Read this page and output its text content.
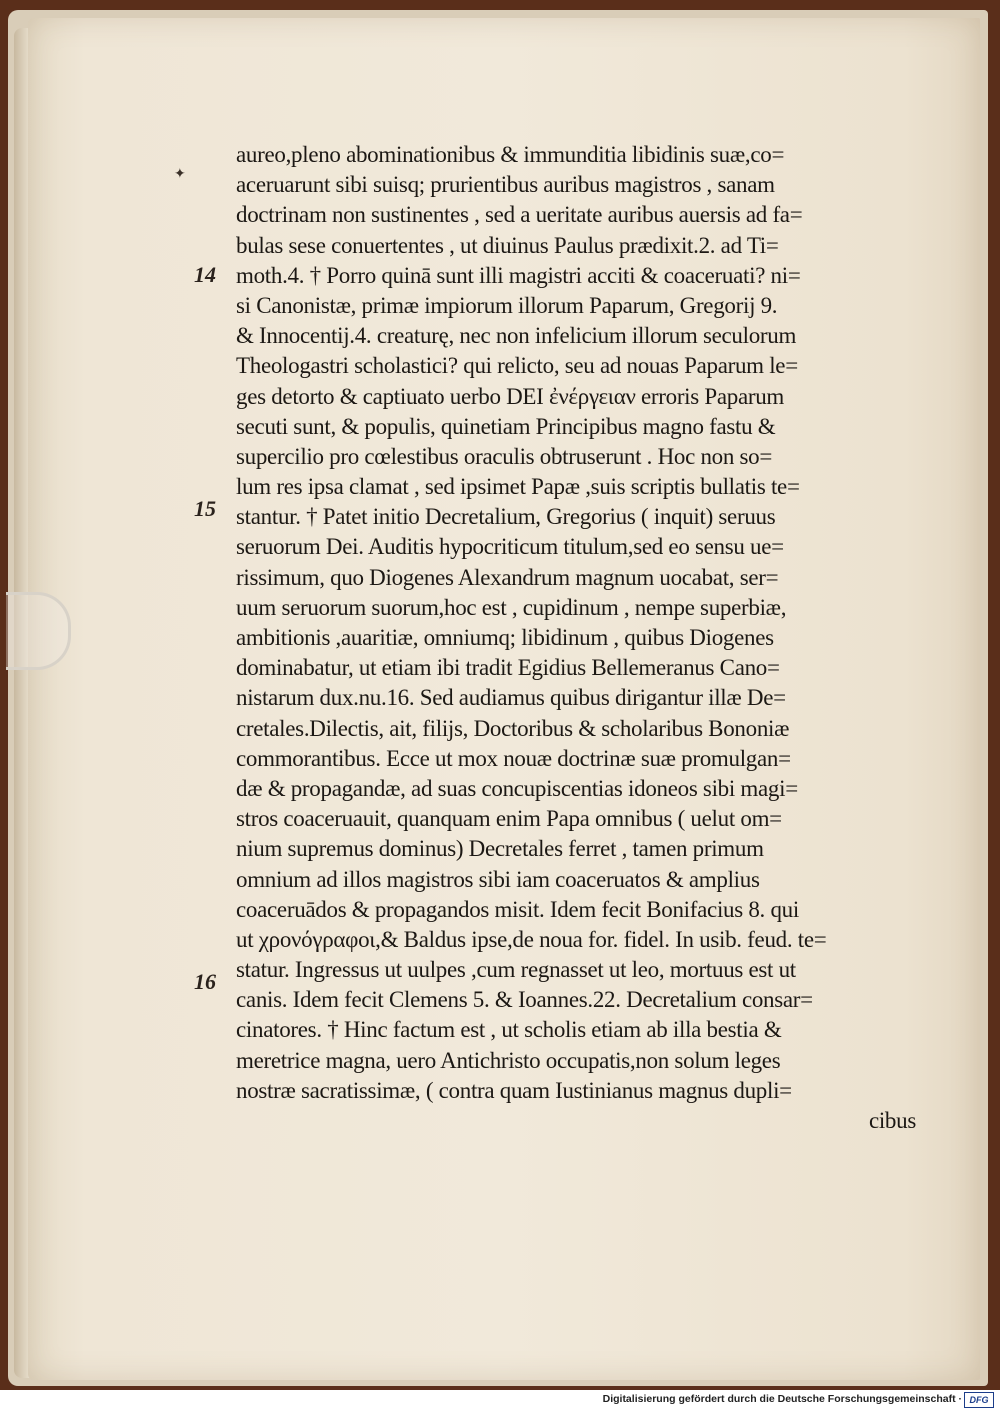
✦
14
15
16
aureo,pleno abominationibus & immunditia libidinis suæ,co=
aceruarunt sibi suisq; prurientibus auribus magistros , sanam
doctrinam non sustinentes , sed a ueritate auribus auersis ad fa=
bulas sese conuertentes , ut diuinus Paulus prædixit.2. ad Ti=
moth.4. † Porro quinā sunt illi magistri acciti & coaceruati? ni=
si Canonistæ, primæ impiorum illorum Paparum, Gregorij 9.
& Innocentij.4. creaturę, nec non infelicium illorum seculorum
Theologastri scholastici? qui relicto, seu ad nouas Paparum le=
ges detorto & captiuato uerbo DEI ἐνέργειαν erroris Paparum
secuti sunt, & populis, quinetiam Principibus magno fastu &
supercilio pro cœlestibus oraculis obtruserunt . Hoc non so=
lum res ipsa clamat , sed ipsimet Papæ ,suis scriptis bullatis te=
stantur. † Patet initio Decretalium, Gregorius ( inquit) seruus
seruorum Dei. Auditis hypocriticum titulum,sed eo sensu ue=
rissimum, quo Diogenes Alexandrum magnum uocabat, ser=
uum seruorum suorum,hoc est , cupidinum , nempe superbiæ,
ambitionis ,auaritiæ, omniumq; libidinum , quibus Diogenes
dominabatur, ut etiam ibi tradit Egidius Bellemeranus Cano=
nistarum dux.nu.16. Sed audiamus quibus dirigantur illæ De=
cretales.Dilectis, ait, filijs, Doctoribus & scholaribus Bononiæ
commorantibus. Ecce ut mox nouæ doctrinæ suæ promulgan=
dæ & propagandæ, ad suas concupiscentias idoneos sibi magi=
stros coaceruauit, quanquam enim Papa omnibus ( uelut om=
nium supremus dominus) Decretales ferret , tamen primum
omnium ad illos magistros sibi iam coaceruatos & amplius
coaceruādos & propagandos misit. Idem fecit Bonifacius 8. qui
ut χρονόγραφοι,& Baldus ipse,de noua for. fidel. In usib. feud. te=
statur. Ingressus ut uulpes ,cum regnasset ut leo, mortuus est ut
canis. Idem fecit Clemens 5. & Ioannes.22. Decretalium consar=
cinatores. † Hinc factum est , ut scholis etiam ab illa bestia &
meretrice magna, uero Antichristo occupatis,non solum leges
nostræ sacratissimæ, ( contra quam Iustinianus magnus dupli=
cibus
Digitalisierung gefördert durch die Deutsche Forschungsgemeinschaft · DFG
